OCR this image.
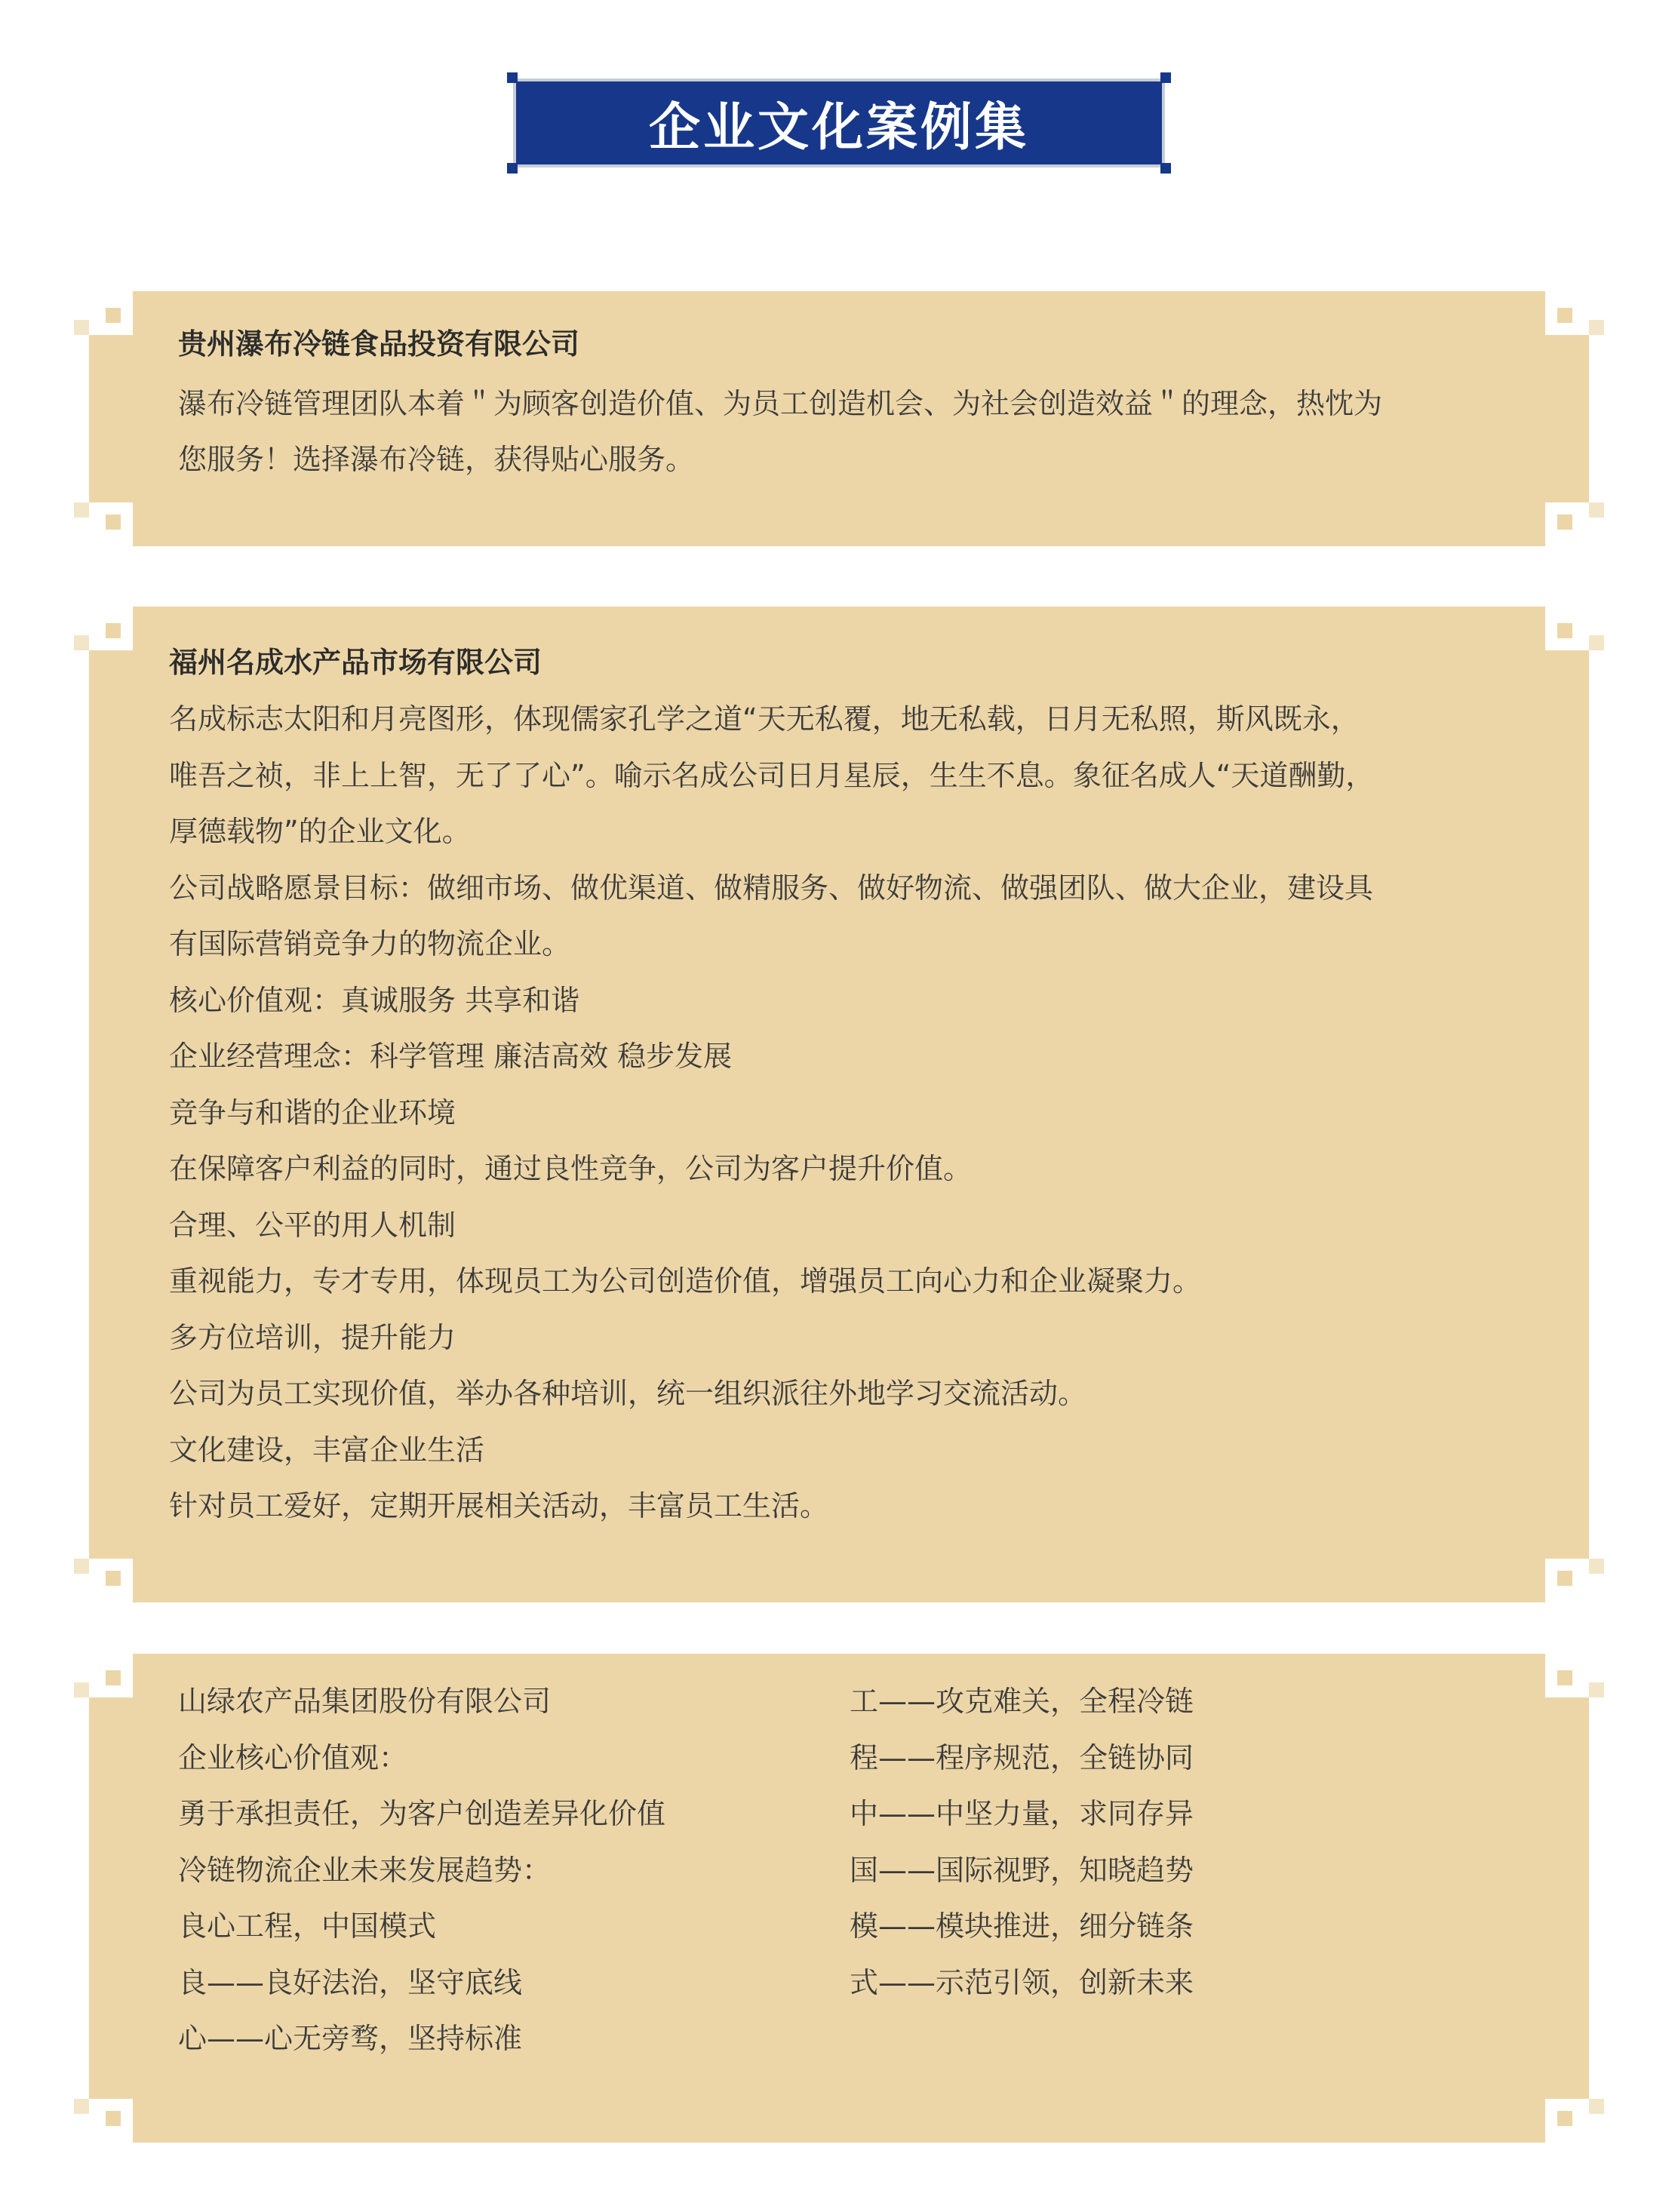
企业文化案例集
贵州瀑布冷链食品投资有限公司
瀑布冷链管理团队本着＂为顾客创造价值、为员工创造机会、为社会创造效益＂的理念，热忱为
您服务！选择瀑布冷链，获得贴心服务。
福州名成水产品市场有限公司
名成标志太阳和月亮图形，体现儒家孔学之道“天无私覆，地无私载，日月无私照，斯风既永，
唯吾之祯，非上上智，无了了心”。喻示名成公司日月星辰，生生不息。象征名成人“天道酬勤，
厚德载物”的企业文化。
公司战略愿景目标：做细市场、做优渠道、做精服务、做好物流、做强团队、做大企业，建设具
有国际营销竞争力的物流企业。
核心价值观：真诚服务 共享和谐
企业经营理念：科学管理 廉洁高效 稳步发展
竞争与和谐的企业环境
在保障客户利益的同时，通过良性竞争，公司为客户提升价值。
合理、公平的用人机制
重视能力，专才专用，体现员工为公司创造价值，增强员工向心力和企业凝聚力。
多方位培训，提升能力
公司为员工实现价值，举办各种培训，统一组织派往外地学习交流活动。
文化建设，丰富企业生活
针对员工爱好，定期开展相关活动，丰富员工生活。
山绿农产品集团股份有限公司
企业核心价值观：
勇于承担责任，为客户创造差异化价值
冷链物流企业未来发展趋势：
良心工程，中国模式
良——良好法治，坚守底线
心——心无旁骛，坚持标准
工——攻克难关，全程冷链
程——程序规范，全链协同
中——中坚力量，求同存异
国——国际视野，知晓趋势
模——模块推进，细分链条
式——示范引领，创新未来
